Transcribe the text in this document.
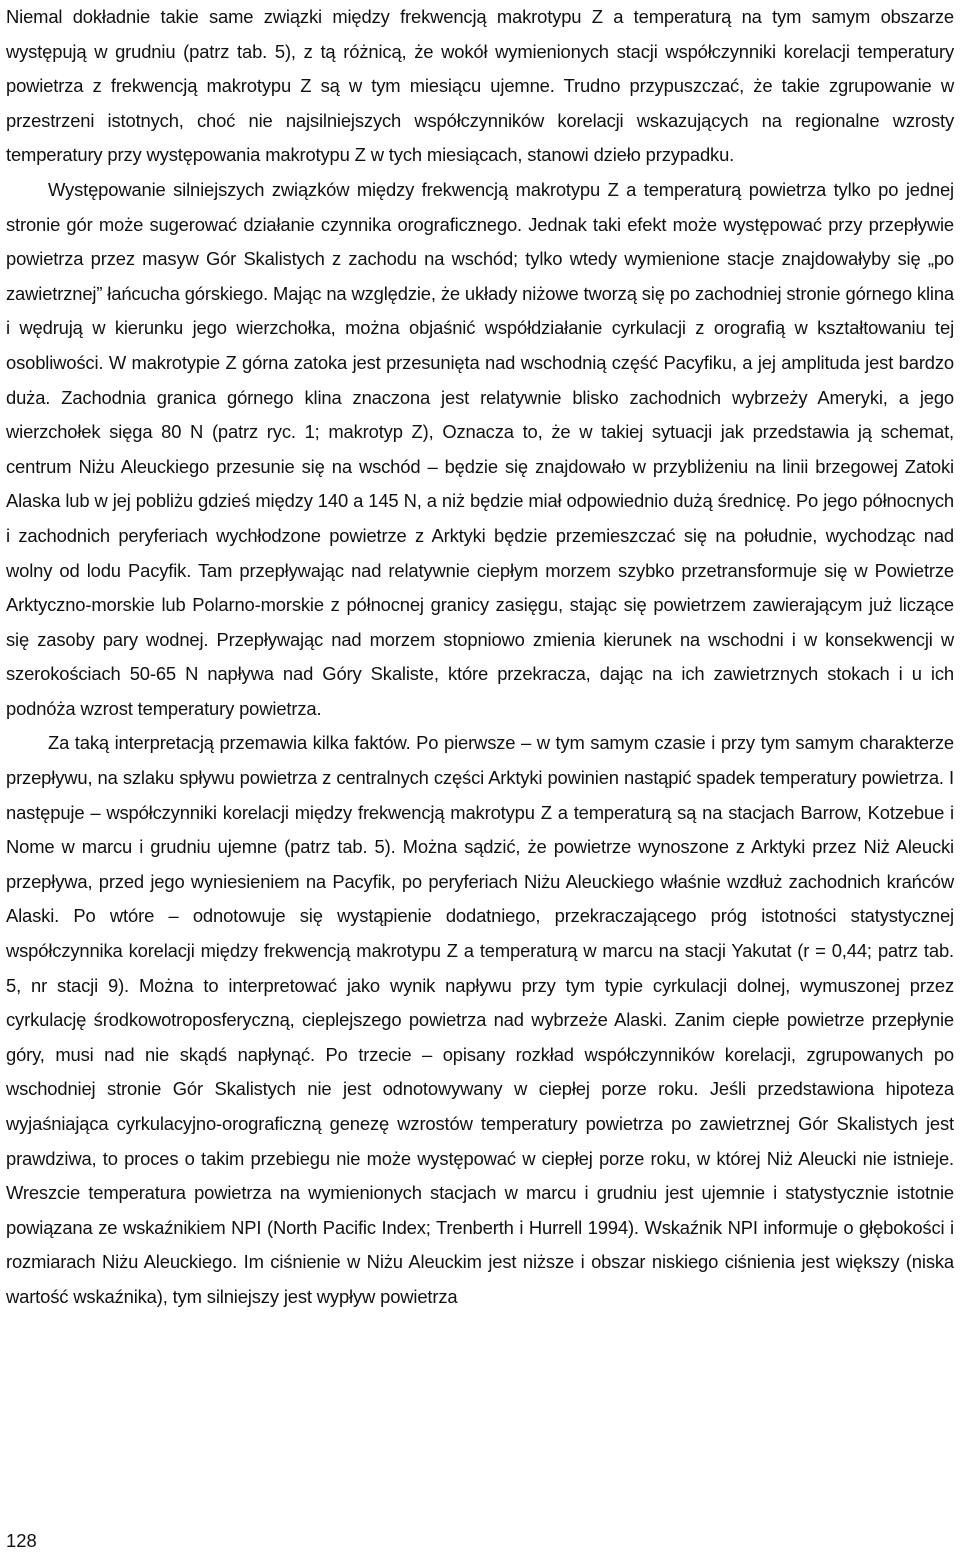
Niemal dokładnie takie same związki między frekwencją makrotypu Z a temperaturą na tym samym obszarze występują w grudniu (patrz tab. 5), z tą różnicą, że wokół wymienionych stacji współczynniki korelacji temperatury powietrza z frekwencją makrotypu Z są w tym miesiącu ujemne. Trudno przypuszczać, że takie zgrupowanie w przestrzeni istotnych, choć nie najsilniejszych współczynników korelacji wskazujących na regionalne wzrosty temperatury przy występowania makrotypu Z w tych miesiącach, stanowi dzieło przypadku.

Występowanie silniejszych związków między frekwencją makrotypu Z a temperaturą powietrza tylko po jednej stronie gór może sugerować działanie czynnika orograficznego. Jednak taki efekt może występować przy przepływie powietrza przez masyw Gór Skalistych z zachodu na wschód; tylko wtedy wymienione stacje znajdowałyby się „po zawietrznej” łańcucha górskiego. Mając na względzie, że układy niżowe tworzą się po zachodniej stronie górnego klina i wędrują w kierunku jego wierzchołka, można objaśnić współdziałanie cyrkulacji z orografią w kształtowaniu tej osobliwości. W makrotypie Z górna zatoka jest przesunięta nad wschodnią część Pacyfiku, a jej amplituda jest bardzo duża. Zachodnia granica górnego klina znaczona jest relatywnie blisko zachodnich wybrzeży Ameryki, a jego wierzchołek sięga 80 N (patrz ryc. 1; makrotyp Z), Oznacza to, że w takiej sytuacji jak przedstawia ją schemat, centrum Niżu Aleuckiego przesunie się na wschód – będzie się znajdowało w przybliżeniu na linii brzegowej Zatoki Alaska lub w jej pobliżu gdzieś między 140 a 145 N, a niż będzie miał odpowiednio dużą średnicę. Po jego północnych i zachodnich peryferiach wychłodzone powietrze z Arktyki będzie przemieszczać się na południe, wychodząc nad wolny od lodu Pacyfik. Tam przepływając nad relatywnie ciepłym morzem szybko przetransformuje się w Powietrze Arktyczno-morskie lub Polarno-morskie z północnej granicy zasięgu, stając się powietrzem zawierającym już liczące się zasoby pary wodnej. Przepływając nad morzem stopniowo zmienia kierunek na wschodni i w konsekwencji w szerokościach 50-65 N napływa nad Góry Skaliste, które przekracza, dając na ich zawietrznych stokach i u ich podnóża wzrost temperatury powietrza.

Za taką interpretacją przemawia kilka faktów. Po pierwsze – w tym samym czasie i przy tym samym charakterze przepływu, na szlaku spływu powietrza z centralnych części Arktyki powinien nastąpić spadek temperatury powietrza. I następuje – współczynniki korelacji między frekwencją makrotypu Z a temperaturą są na stacjach Barrow, Kotzebue i Nome w marcu i grudniu ujemne (patrz tab. 5). Można sądzić, że powietrze wynoszone z Arktyki przez Niż Aleucki przepływa, przed jego wyniesieniem na Pacyfik, po peryferiach Niżu Aleuckiego właśnie wzdłuż zachodnich krańców Alaski. Po wtóre – odnotowuje się wystąpienie dodatniego, przekraczającego próg istotności statystycznej współczynnika korelacji między frekwencją makrotypu Z a temperaturą w marcu na stacji Yakutat (r = 0,44; patrz tab. 5, nr stacji 9). Można to interpretować jako wynik napływu przy tym typie cyrkulacji dolnej, wymuszonej przez cyrkulację środkowotroposferyczną, cieplejszego powietrza nad wybrzeże Alaski. Zanim ciepłe powietrze przepłynie góry, musi nad nie skądś napłynąć. Po trzecie – opisany rozkład współczynników korelacji, zgrupowanych po wschodniej stronie Gór Skalistych nie jest odnotowywany w ciepłej porze roku. Jeśli przedstawiona hipoteza wyjaśniająca cyrkulacyjno-orograficzną genezę wzrostów temperatury powietrza po zawietrznej Gór Skalistych jest prawdziwa, to proces o takim przebiegu nie może występować w ciepłej porze roku, w której Niż Aleucki nie istnieje. Wreszcie temperatura powietrza na wymienionych stacjach w marcu i grudniu jest ujemnie i statystycznie istotnie powiązana ze wskaźnikiem NPI (North Pacific Index; Trenberth i Hurrell 1994). Wskaźnik NPI informuje o głębokości i rozmiarach Niżu Aleuckiego. Im ciśnienie w Niżu Aleuckim jest niższe i obszar niskiego ciśnienia jest większy (niska wartość wskaźnika), tym silniejszy jest wypływ powietrza

128
